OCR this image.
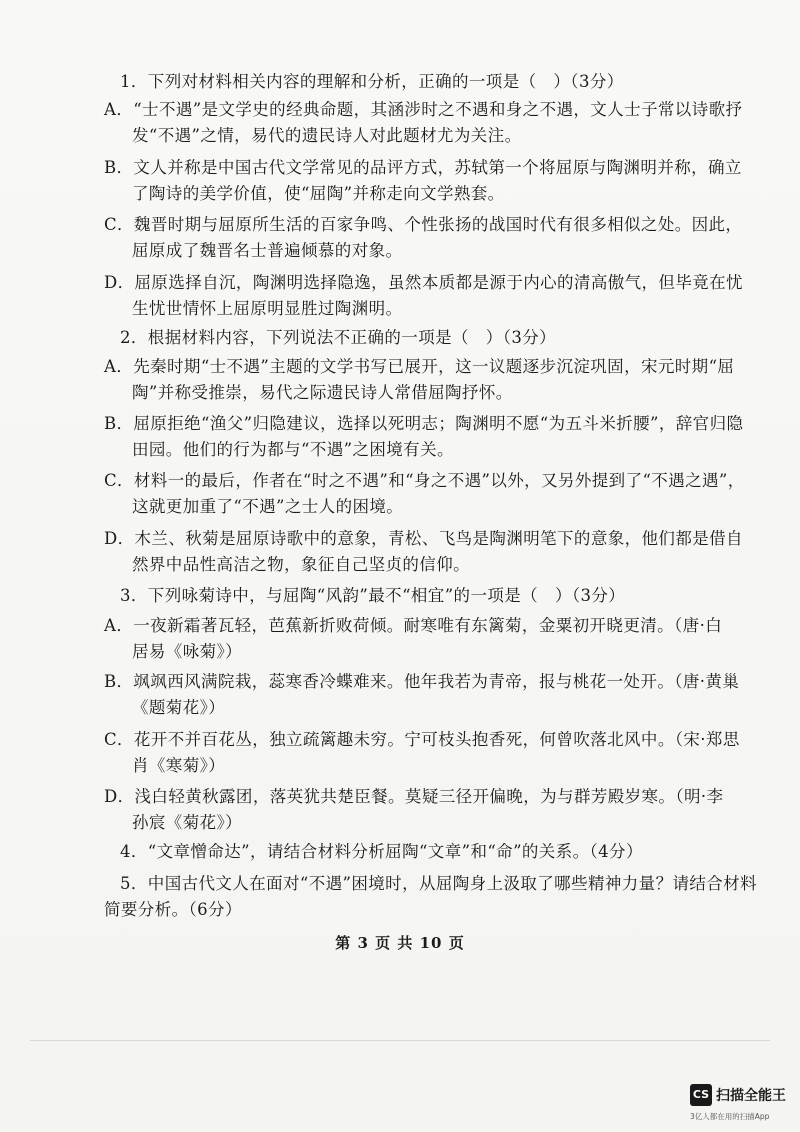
1．下列对材料相关内容的理解和分析，正确的一项是（　）（3分）
A．“士不遇”是文学史的经典命题，其涵涉时之不遇和身之不遇，文人士子常以诗歌抒
发“不遇”之情，易代的遗民诗人对此题材尤为关注。
B．文人并称是中国古代文学常见的品评方式，苏轼第一个将屈原与陶渊明并称，确立
了陶诗的美学价值，使“屈陶”并称走向文学熟套。
C．魏晋时期与屈原所生活的百家争鸣、个性张扬的战国时代有很多相似之处。因此，
屈原成了魏晋名士普遍倾慕的对象。
D．屈原选择自沉，陶渊明选择隐逸，虽然本质都是源于内心的清高傲气，但毕竟在忧
生忧世情怀上屈原明显胜过陶渊明。
2．根据材料内容，下列说法不正确的一项是（　）（3分）
A．先秦时期“士不遇”主题的文学书写已展开，这一议题逐步沉淀巩固，宋元时期“屈
陶”并称受推崇，易代之际遗民诗人常借屈陶抒怀。
B．屈原拒绝“渔父”归隐建议，选择以死明志；陶渊明不愿“为五斗米折腰”，辞官归隐
田园。他们的行为都与“不遇”之困境有关。
C．材料一的最后，作者在“时之不遇”和“身之不遇”以外，又另外提到了“不遇之遇”，
这就更加重了“不遇”之士人的困境。
D．木兰、秋菊是屈原诗歌中的意象，青松、飞鸟是陶渊明笔下的意象，他们都是借自
然界中品性高洁之物，象征自己坚贞的信仰。
3．下列咏菊诗中，与屈陶“风韵”最不“相宜”的一项是（　）（3分）
A．一夜新霜著瓦轻，芭蕉新折败荷倾。耐寒唯有东篱菊，金粟初开晓更清。（唐·白
居易《咏菊》）
B．飒飒西风满院栽，蕊寒香冷蝶难来。他年我若为青帝，报与桃花一处开。（唐·黄巢
《题菊花》）
C．花开不并百花丛，独立疏篱趣未穷。宁可枝头抱香死，何曾吹落北风中。（宋·郑思
肖《寒菊》）
D．浅白轻黄秋露团，落英犹共楚臣餐。莫疑三径开偏晚，为与群芳殿岁寒。（明·李
孙宸《菊花》）
4．“文章憎命达”，请结合材料分析屈陶“文章”和“命”的关系。（4分）
5．中国古代文人在面对“不遇”困境时，从屈陶身上汲取了哪些精神力量？请结合材料
简要分析。（6分）
第 3 页 共 10 页
CS 扫描全能王
3亿人都在用的扫描App
